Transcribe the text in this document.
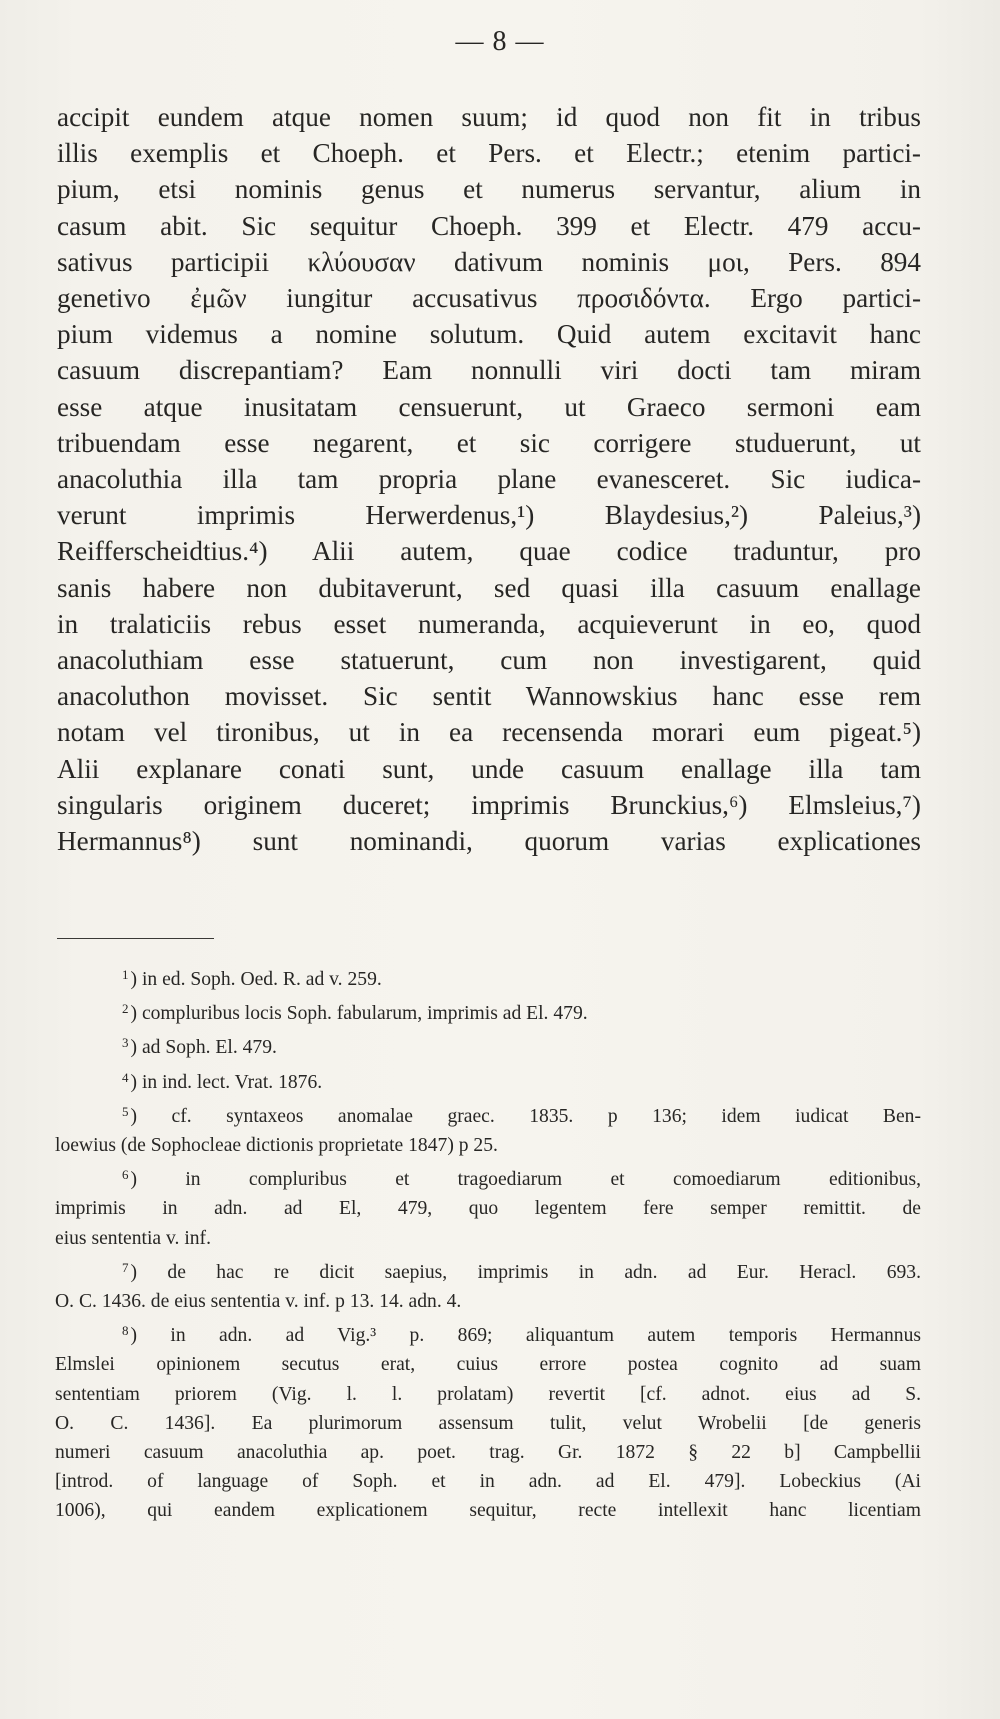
— 8 —
accipit eundem atque nomen suum; id quod non fit in tribus
illis exemplis et Choeph. et Pers. et Electr.; etenim partici-
pium, etsi nominis genus et numerus servantur, alium in
casum abit. Sic sequitur Choeph. 399 et Electr. 479 accu-
sativus participii κλύουσαν dativum nominis μοι, Pers. 894
genetivo ἐμῶν iungitur accusativus προσιδόντα. Ergo partici-
pium videmus a nomine solutum. Quid autem excitavit hanc
casuum discrepantiam? Eam nonnulli viri docti tam miram
esse atque inusitatam censuerunt, ut Graeco sermoni eam
tribuendam esse negarent, et sic corrigere studuerunt, ut
anacoluthia illa tam propria plane evanesceret. Sic iudica-
verunt imprimis Herwerdenus,¹) Blaydesius,²) Paleius,³)
Reifferscheidtius.⁴) Alii autem, quae codice traduntur, pro
sanis habere non dubitaverunt, sed quasi illa casuum enallage
in tralaticiis rebus esset numeranda, acquieverunt in eo, quod
anacoluthiam esse statuerunt, cum non investigarent, quid
anacoluthon movisset. Sic sentit Wannowskius hanc esse rem
notam vel tironibus, ut in ea recensenda morari eum pigeat.⁵)
Alii explanare conati sunt, unde casuum enallage illa tam
singularis originem duceret; imprimis Brunckius,⁶) Elmsleius,⁷)
Hermannus⁸) sunt nominandi, quorum varias explicationes
$^1$ ) in ed. Soph. Oed. R. ad v. 259.
$^2$ ) compluribus locis Soph. fabularum, imprimis ad El. 479.
$^3$ ) ad Soph. El. 479.
$^4$ ) in ind. lect. Vrat. 1876.
$^5$ ) cf. syntaxeos anomalae graec. 1835. p 136; idem iudicat Ben-
loewius (de Sophocleae dictionis proprietate 1847) p 25.
$^6$ ) in compluribus et tragoediarum et comoediarum editionibus,
imprimis in adn. ad El, 479, quo legentem fere semper remittit. de
eius sententia v. inf.
$^7$ ) de hac re dicit saepius, imprimis in adn. ad Eur. Heracl. 693.
O. C. 1436. de eius sententia v. inf. p 13. 14. adn. 4.
$^8$ ) in adn. ad Vig.³ p. 869; aliquantum autem temporis Hermannus
Elmslei opinionem secutus erat, cuius errore postea cognito ad suam
sententiam priorem (Vig. l. l. prolatam) revertit [cf. adnot. eius ad S.
O. C. 1436]. Ea plurimorum assensum tulit, velut Wrobelii [de generis
numeri casuum anacoluthia ap. poet. trag. Gr. 1872 § 22 b] Campbellii
[introd. of language of Soph. et in adn. ad El. 479]. Lobeckius (Ai
1006), qui eandem explicationem sequitur, recte intellexit hanc licentiam
